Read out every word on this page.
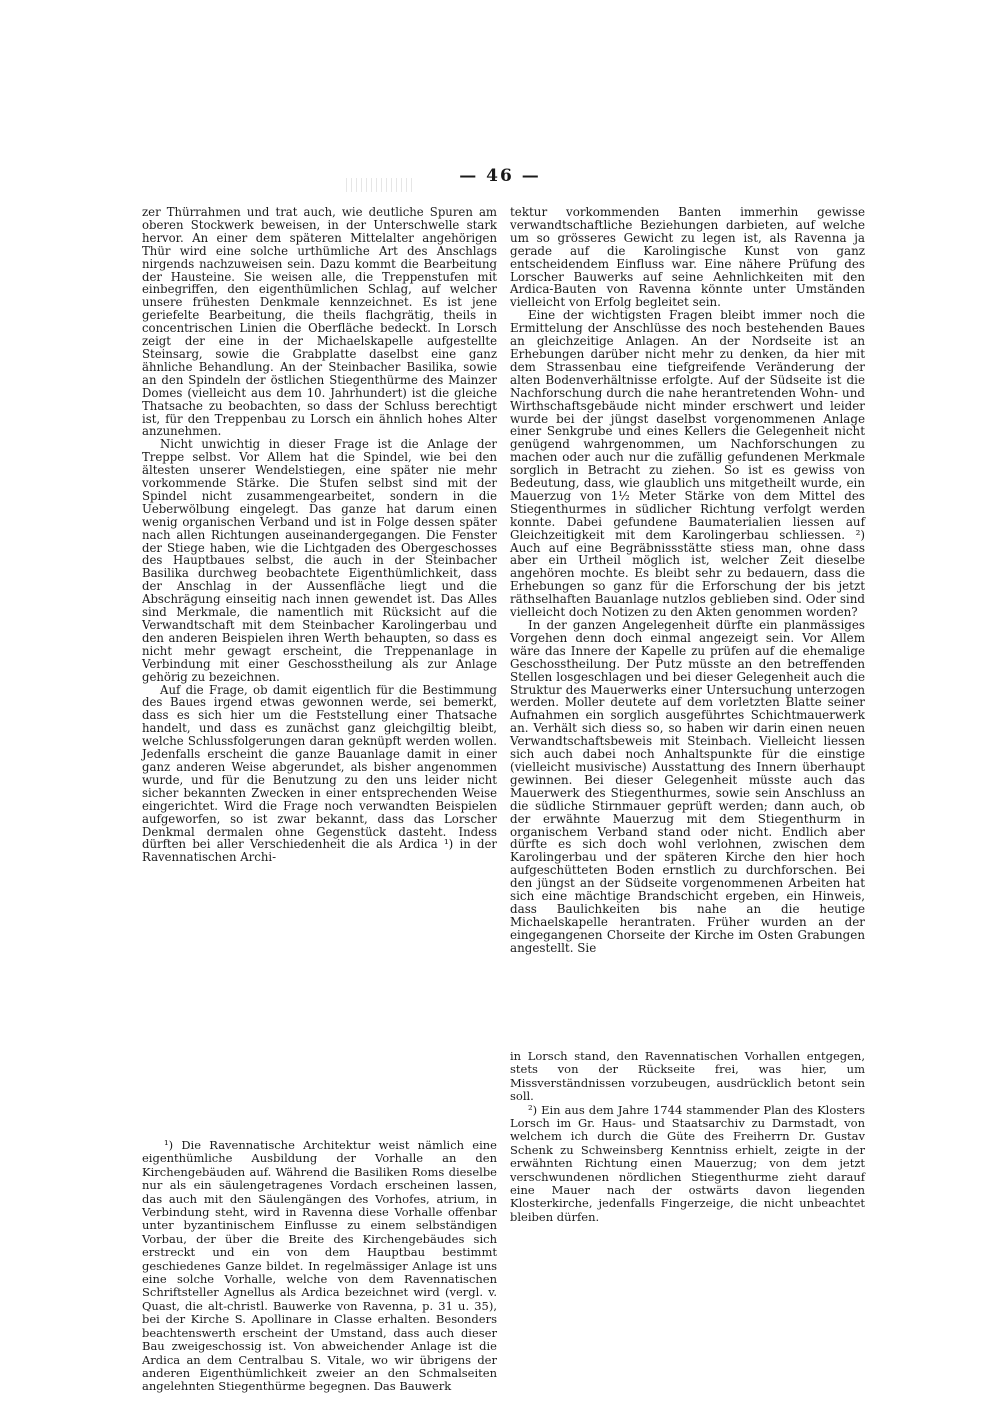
— 46 —

zer Thürrahmen und trat auch, wie deutliche Spuren am oberen Stockwerk beweisen, in der Unterschwelle stark hervor. An einer dem späteren Mittelalter angehörigen Thür wird eine solche urthümliche Art des Anschlags nirgends nachzuweisen sein. Dazu kommt die Bearbeitung der Hausteine. Sie weisen alle, die Treppenstufen mit einbegriffen, den eigenthümlichen Schlag, auf welcher unsere frühesten Denkmale kennzeichnet. Es ist jene geriefelte Bearbeitung, die theils flachgrätig, theils in concentrischen Linien die Oberfläche bedeckt. In Lorsch zeigt der eine in der Michaelskapelle aufgestellte Steinsarg, sowie die Grabplatte daselbst eine ganz ähnliche Behandlung. An der Steinbacher Basilika, sowie an den Spindeln der östlichen Stiegenthürme des Mainzer Domes (vielleicht aus dem 10. Jahrhundert) ist die gleiche Thatsache zu beobachten, so dass der Schluss berechtigt ist, für den Treppenbau zu Lorsch ein ähnlich hohes Alter anzunehmen.

Nicht unwichtig in dieser Frage ist die Anlage der Treppe selbst. Vor Allem hat die Spindel, wie bei den ältesten unserer Wendelstiegen, eine später nie mehr vorkommende Stärke. Die Stufen selbst sind mit der Spindel nicht zusammengearbeitet, sondern in die Ueberwölbung eingelegt. Das ganze hat darum einen wenig organischen Verband und ist in Folge dessen später nach allen Richtungen auseinandergegangen. Die Fenster der Stiege haben, wie die Lichtgaden des Obergeschosses des Hauptbaues selbst, die auch in der Steinbacher Basilika durchweg beobachtete Eigenthümlichkeit, dass der Anschlag in der Aussenfläche liegt und die Abschrägung einseitig nach innen gewendet ist. Das Alles sind Merkmale, die namentlich mit Rücksicht auf die Verwandtschaft mit dem Steinbacher Karolingerbau und den anderen Beispielen ihren Werth behaupten, so dass es nicht mehr gewagt erscheint, die Treppenanlage in Verbindung mit einer Geschosstheilung als zur Anlage gehörig zu bezeichnen.

Auf die Frage, ob damit eigentlich für die Bestimmung des Baues irgend etwas gewonnen werde, sei bemerkt, dass es sich hier um die Feststellung einer Thatsache handelt, und dass es zunächst ganz gleichgiltig bleibt, welche Schlussfolgerungen daran geknüpft werden wollen. Jedenfalls erscheint die ganze Bauanlage damit in einer ganz anderen Weise abgerundet, als bisher angenommen wurde, und für die Benutzung zu den uns leider nicht sicher bekannten Zwecken in einer entsprechenden Weise eingerichtet. Wird die Frage noch verwandten Beispielen aufgeworfen, so ist zwar bekannt, dass das Lorscher Denkmal dermalen ohne Gegenstück dasteht. Indess dürften bei aller Verschiedenheit die als Ardica ¹) in der Ravennatischen Archi-

¹) Die Ravennatische Architektur weist nämlich eine eigenthümliche Ausbildung der Vorhalle an den Kirchengebäuden auf. Während die Basiliken Roms dieselbe nur als ein säulengetragenes Vordach erscheinen lassen, das auch mit den Säulengängen des Vorhofes, atrium, in Verbindung steht, wird in Ravenna diese Vorhalle offenbar unter byzantinischem Einflusse zu einem selbständigen Vorbau, der über die Breite des Kirchengebäudes sich erstreckt und ein von dem Hauptbau bestimmt geschiedenes Ganze bildet. In regelmässiger Anlage ist uns eine solche Vorhalle, welche von dem Ravennatischen Schriftsteller Agnellus als Ardica bezeichnet wird (vergl. v. Quast, die alt-christl. Bauwerke von Ravenna, p. 31 u. 35), bei der Kirche S. Apollinare in Classe erhalten. Besonders beachtenswerth erscheint der Umstand, dass auch dieser Bau zweigeschossig ist. Von abweichender Anlage ist die Ardica an dem Centralbau S. Vitale, wo wir übrigens der anderen Eigenthümlichkeit zweier an den Schmalseiten angelehnten Stiegenthürme begegnen. Das Bauwerk

tektur vorkommenden Banten immerhin gewisse verwandtschaftliche Beziehungen darbieten, auf welche um so grösseres Gewicht zu legen ist, als Ravenna ja gerade auf die Karolingische Kunst von ganz entscheidendem Einfluss war. Eine nähere Prüfung des Lorscher Bauwerks auf seine Aehnlichkeiten mit den Ardica-Bauten von Ravenna könnte unter Umständen vielleicht von Erfolg begleitet sein.

Eine der wichtigsten Fragen bleibt immer noch die Ermittelung der Anschlüsse des noch bestehenden Baues an gleichzeitige Anlagen. An der Nordseite ist an Erhebungen darüber nicht mehr zu denken, da hier mit dem Strassenbau eine tiefgreifende Veränderung der alten Bodenverhältnisse erfolgte. Auf der Südseite ist die Nachforschung durch die nahe herantretenden Wohn- und Wirthschaftsgebäude nicht minder erschwert und leider wurde bei der jüngst daselbst vorgenommenen Anlage einer Senkgrube und eines Kellers die Gelegenheit nicht genügend wahrgenommen, um Nachforschungen zu machen oder auch nur die zufällig gefundenen Merkmale sorglich in Betracht zu ziehen. So ist es gewiss von Bedeutung, dass, wie glaublich uns mitgetheilt wurde, ein Mauerzug von 1½ Meter Stärke von dem Mittel des Stiegenthurmes in südlicher Richtung verfolgt werden konnte. Dabei gefundene Baumaterialien liessen auf Gleichzeitigkeit mit dem Karolingerbau schliessen. ²) Auch auf eine Begräbnissstätte stiess man, ohne dass aber ein Urtheil möglich ist, welcher Zeit dieselbe angehören mochte. Es bleibt sehr zu bedauern, dass die Erhebungen so ganz für die Erforschung der bis jetzt räthselhaften Bauanlage nutzlos geblieben sind. Oder sind vielleicht doch Notizen zu den Akten genommen worden?

In der ganzen Angelegenheit dürfte ein planmässiges Vorgehen denn doch einmal angezeigt sein. Vor Allem wäre das Innere der Kapelle zu prüfen auf die ehemalige Geschosstheilung. Der Putz müsste an den betreffenden Stellen losgeschlagen und bei dieser Gelegenheit auch die Struktur des Mauerwerks einer Untersuchung unterzogen werden. Moller deutete auf dem vorletzten Blatte seiner Aufnahmen ein sorglich ausgeführtes Schichtmauerwerk an. Verhält sich diess so, so haben wir darin einen neuen Verwandtschaftsbeweis mit Steinbach. Vielleicht liessen sich auch dabei noch Anhaltspunkte für die einstige (vielleicht musivische) Ausstattung des Innern überhaupt gewinnen. Bei dieser Gelegenheit müsste auch das Mauerwerk des Stiegenthurmes, sowie sein Anschluss an die südliche Stirnmauer geprüft werden; dann auch, ob der erwähnte Mauerzug mit dem Stiegenthurm in organischem Verband stand oder nicht. Endlich aber dürfte es sich doch wohl verlohnen, zwischen dem Karolingerbau und der späteren Kirche den hier hoch aufgeschütteten Boden ernstlich zu durchforschen. Bei den jüngst an der Südseite vorgenommenen Arbeiten hat sich eine mächtige Brandschicht ergeben, ein Hinweis, dass Baulichkeiten bis nahe an die heutige Michaelskapelle herantraten. Früher wurden an der eingegangenen Chorseite der Kirche im Osten Grabungen angestellt. Sie

in Lorsch stand, den Ravennatischen Vorhallen entgegen, stets von der Rückseite frei, was hier, um Missverständnissen vorzubeugen, ausdrücklich betont sein soll.

²) Ein aus dem Jahre 1744 stammender Plan des Klosters Lorsch im Gr. Haus- und Staatsarchiv zu Darmstadt, von welchem ich durch die Güte des Freiherrn Dr. Gustav Schenk zu Schweinsberg Kenntniss erhielt, zeigte in der erwähnten Richtung einen Mauerzug; von dem jetzt verschwundenen nördlichen Stiegenthurme zieht darauf eine Mauer nach der ostwärts davon liegenden Klosterkirche, jedenfalls Fingerzeige, die nicht unbeachtet bleiben dürfen.
